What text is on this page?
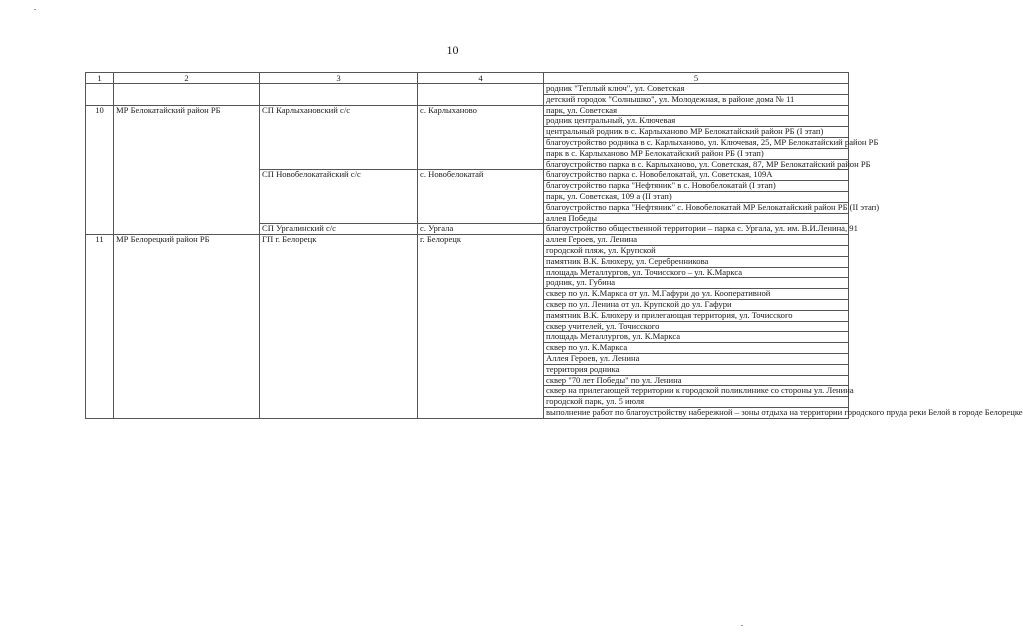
10
1	2	3	4	5
				родник "Теплый ключ", ул. Советская
				детский городок "Солнышко", ул. Молодежная, в районе дома № 11
10	МР Белокатайский район РБ	СП Карлыхановский с/с	с. Карлыханово	парк, ул. Советская
				родник центральный, ул. Ключевая
				центральный родник в с. Карлыханово МР Белокатайский район РБ (I этап)
				благоустройство родника в с. Карлыханово, ул. Ключевая, 25, МР Белокатайский район РБ
				парк в с. Карлыханово МР Белокатайский район РБ (I этап)
				благоустройство парка в с. Карлыханово, ул. Советская, 87, МР Белокатайский район РБ
		СП Новобелокатайский с/с	с. Новобелокатай	благоустройство парка с. Новобелокатай, ул. Советская, 109А
				благоустройство парка "Нефтяник" в с. Новобелокатай (I этап)
				парк, ул. Советская, 109 а (II этап)
				благоустройство парка "Нефтяник" с. Новобелокатай МР Белокатайский район РБ (II этап)
				аллея Победы
		СП Ургалинский с/с	с. Ургала	благоустройство общественной территории – парка с. Ургала, ул. им. В.И.Ленина, 91
11	МР Белорецкий район РБ	ГП г. Белорецк	г. Белорецк	аллея Героев, ул. Ленина
				городской пляж, ул. Крупской
				памятник В.К. Блюхеру, ул. Серебренникова
				площадь Металлургов, ул. Точисского – ул. К.Маркса
				родник, ул. Губина
				сквер по ул. К.Маркса от ул. М.Гафури до ул. Кооперативной
				сквер по ул. Ленина от ул. Крупской до ул. Гафури
				памятник В.К. Блюхеру и прилегающая территория, ул. Точисского
				сквер учителей, ул. Точисского
				площадь Металлургов, ул. К.Маркса
				сквер по ул. К.Маркса
				Аллея Героев, ул. Ленина
				территория родника
				сквер "70 лет Победы" по ул. Ленина
				сквер на прилегающей территории к городской поликлинике со стороны ул. Ленина
				городской парк, ул. 5 июля
				выполнение работ по благоустройству набережной – зоны отдыха на территории городского пруда реки Белой в городе Белорецке
